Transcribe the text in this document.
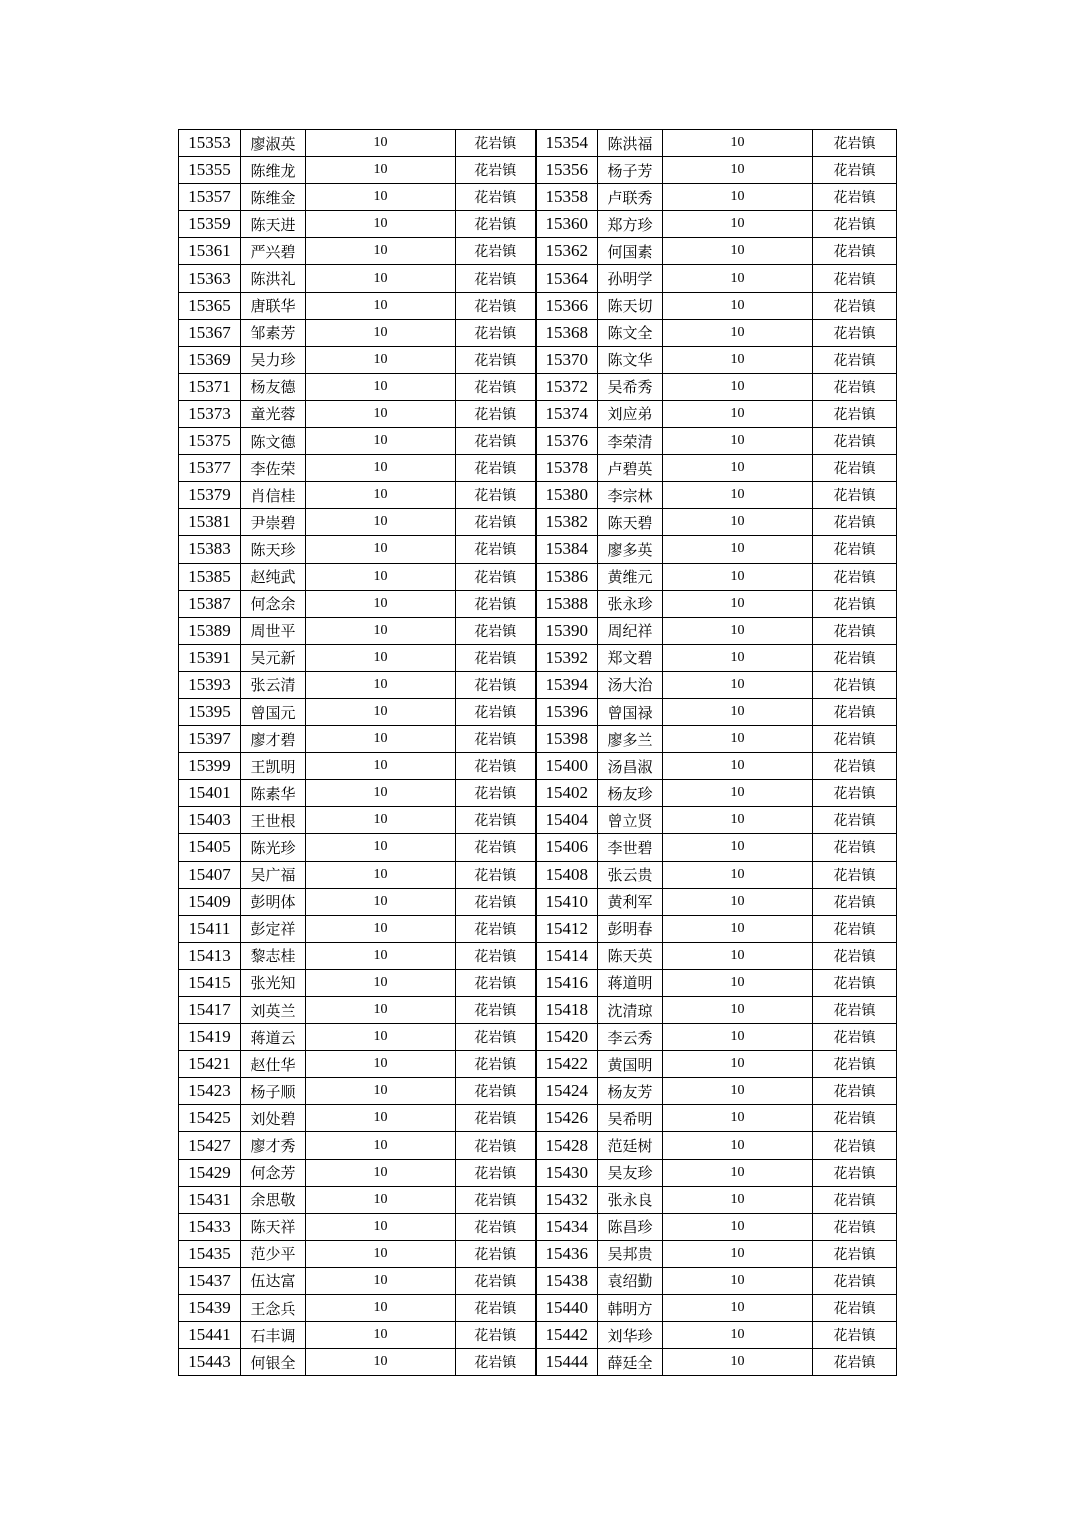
15353	廖淑英	10	花岩镇	15354	陈洪福	10	花岩镇
15355	陈维龙	10	花岩镇	15356	杨子芳	10	花岩镇
15357	陈维金	10	花岩镇	15358	卢联秀	10	花岩镇
15359	陈天进	10	花岩镇	15360	郑方珍	10	花岩镇
15361	严兴碧	10	花岩镇	15362	何国素	10	花岩镇
15363	陈洪礼	10	花岩镇	15364	孙明学	10	花岩镇
15365	唐联华	10	花岩镇	15366	陈天切	10	花岩镇
15367	邹素芳	10	花岩镇	15368	陈文全	10	花岩镇
15369	吴力珍	10	花岩镇	15370	陈文华	10	花岩镇
15371	杨友德	10	花岩镇	15372	吴希秀	10	花岩镇
15373	童光蓉	10	花岩镇	15374	刘应弟	10	花岩镇
15375	陈文德	10	花岩镇	15376	李荣清	10	花岩镇
15377	李佐荣	10	花岩镇	15378	卢碧英	10	花岩镇
15379	肖信桂	10	花岩镇	15380	李宗林	10	花岩镇
15381	尹崇碧	10	花岩镇	15382	陈天碧	10	花岩镇
15383	陈天珍	10	花岩镇	15384	廖多英	10	花岩镇
15385	赵纯武	10	花岩镇	15386	黄维元	10	花岩镇
15387	何念余	10	花岩镇	15388	张永珍	10	花岩镇
15389	周世平	10	花岩镇	15390	周纪祥	10	花岩镇
15391	吴元新	10	花岩镇	15392	郑文碧	10	花岩镇
15393	张云清	10	花岩镇	15394	汤大治	10	花岩镇
15395	曾国元	10	花岩镇	15396	曾国禄	10	花岩镇
15397	廖才碧	10	花岩镇	15398	廖多兰	10	花岩镇
15399	王凯明	10	花岩镇	15400	汤昌淑	10	花岩镇
15401	陈素华	10	花岩镇	15402	杨友珍	10	花岩镇
15403	王世根	10	花岩镇	15404	曾立贤	10	花岩镇
15405	陈光珍	10	花岩镇	15406	李世碧	10	花岩镇
15407	吴广福	10	花岩镇	15408	张云贵	10	花岩镇
15409	彭明体	10	花岩镇	15410	黄利军	10	花岩镇
15411	彭定祥	10	花岩镇	15412	彭明春	10	花岩镇
15413	黎志桂	10	花岩镇	15414	陈天英	10	花岩镇
15415	张光知	10	花岩镇	15416	蒋道明	10	花岩镇
15417	刘英兰	10	花岩镇	15418	沈清琼	10	花岩镇
15419	蒋道云	10	花岩镇	15420	李云秀	10	花岩镇
15421	赵仕华	10	花岩镇	15422	黄国明	10	花岩镇
15423	杨子顺	10	花岩镇	15424	杨友芳	10	花岩镇
15425	刘处碧	10	花岩镇	15426	吴希明	10	花岩镇
15427	廖才秀	10	花岩镇	15428	范廷树	10	花岩镇
15429	何念芳	10	花岩镇	15430	吴友珍	10	花岩镇
15431	余思敬	10	花岩镇	15432	张永良	10	花岩镇
15433	陈天祥	10	花岩镇	15434	陈昌珍	10	花岩镇
15435	范少平	10	花岩镇	15436	吴邦贵	10	花岩镇
15437	伍达富	10	花岩镇	15438	袁绍勤	10	花岩镇
15439	王念兵	10	花岩镇	15440	韩明方	10	花岩镇
15441	石丰调	10	花岩镇	15442	刘华珍	10	花岩镇
15443	何银全	10	花岩镇	15444	薛廷全	10	花岩镇
